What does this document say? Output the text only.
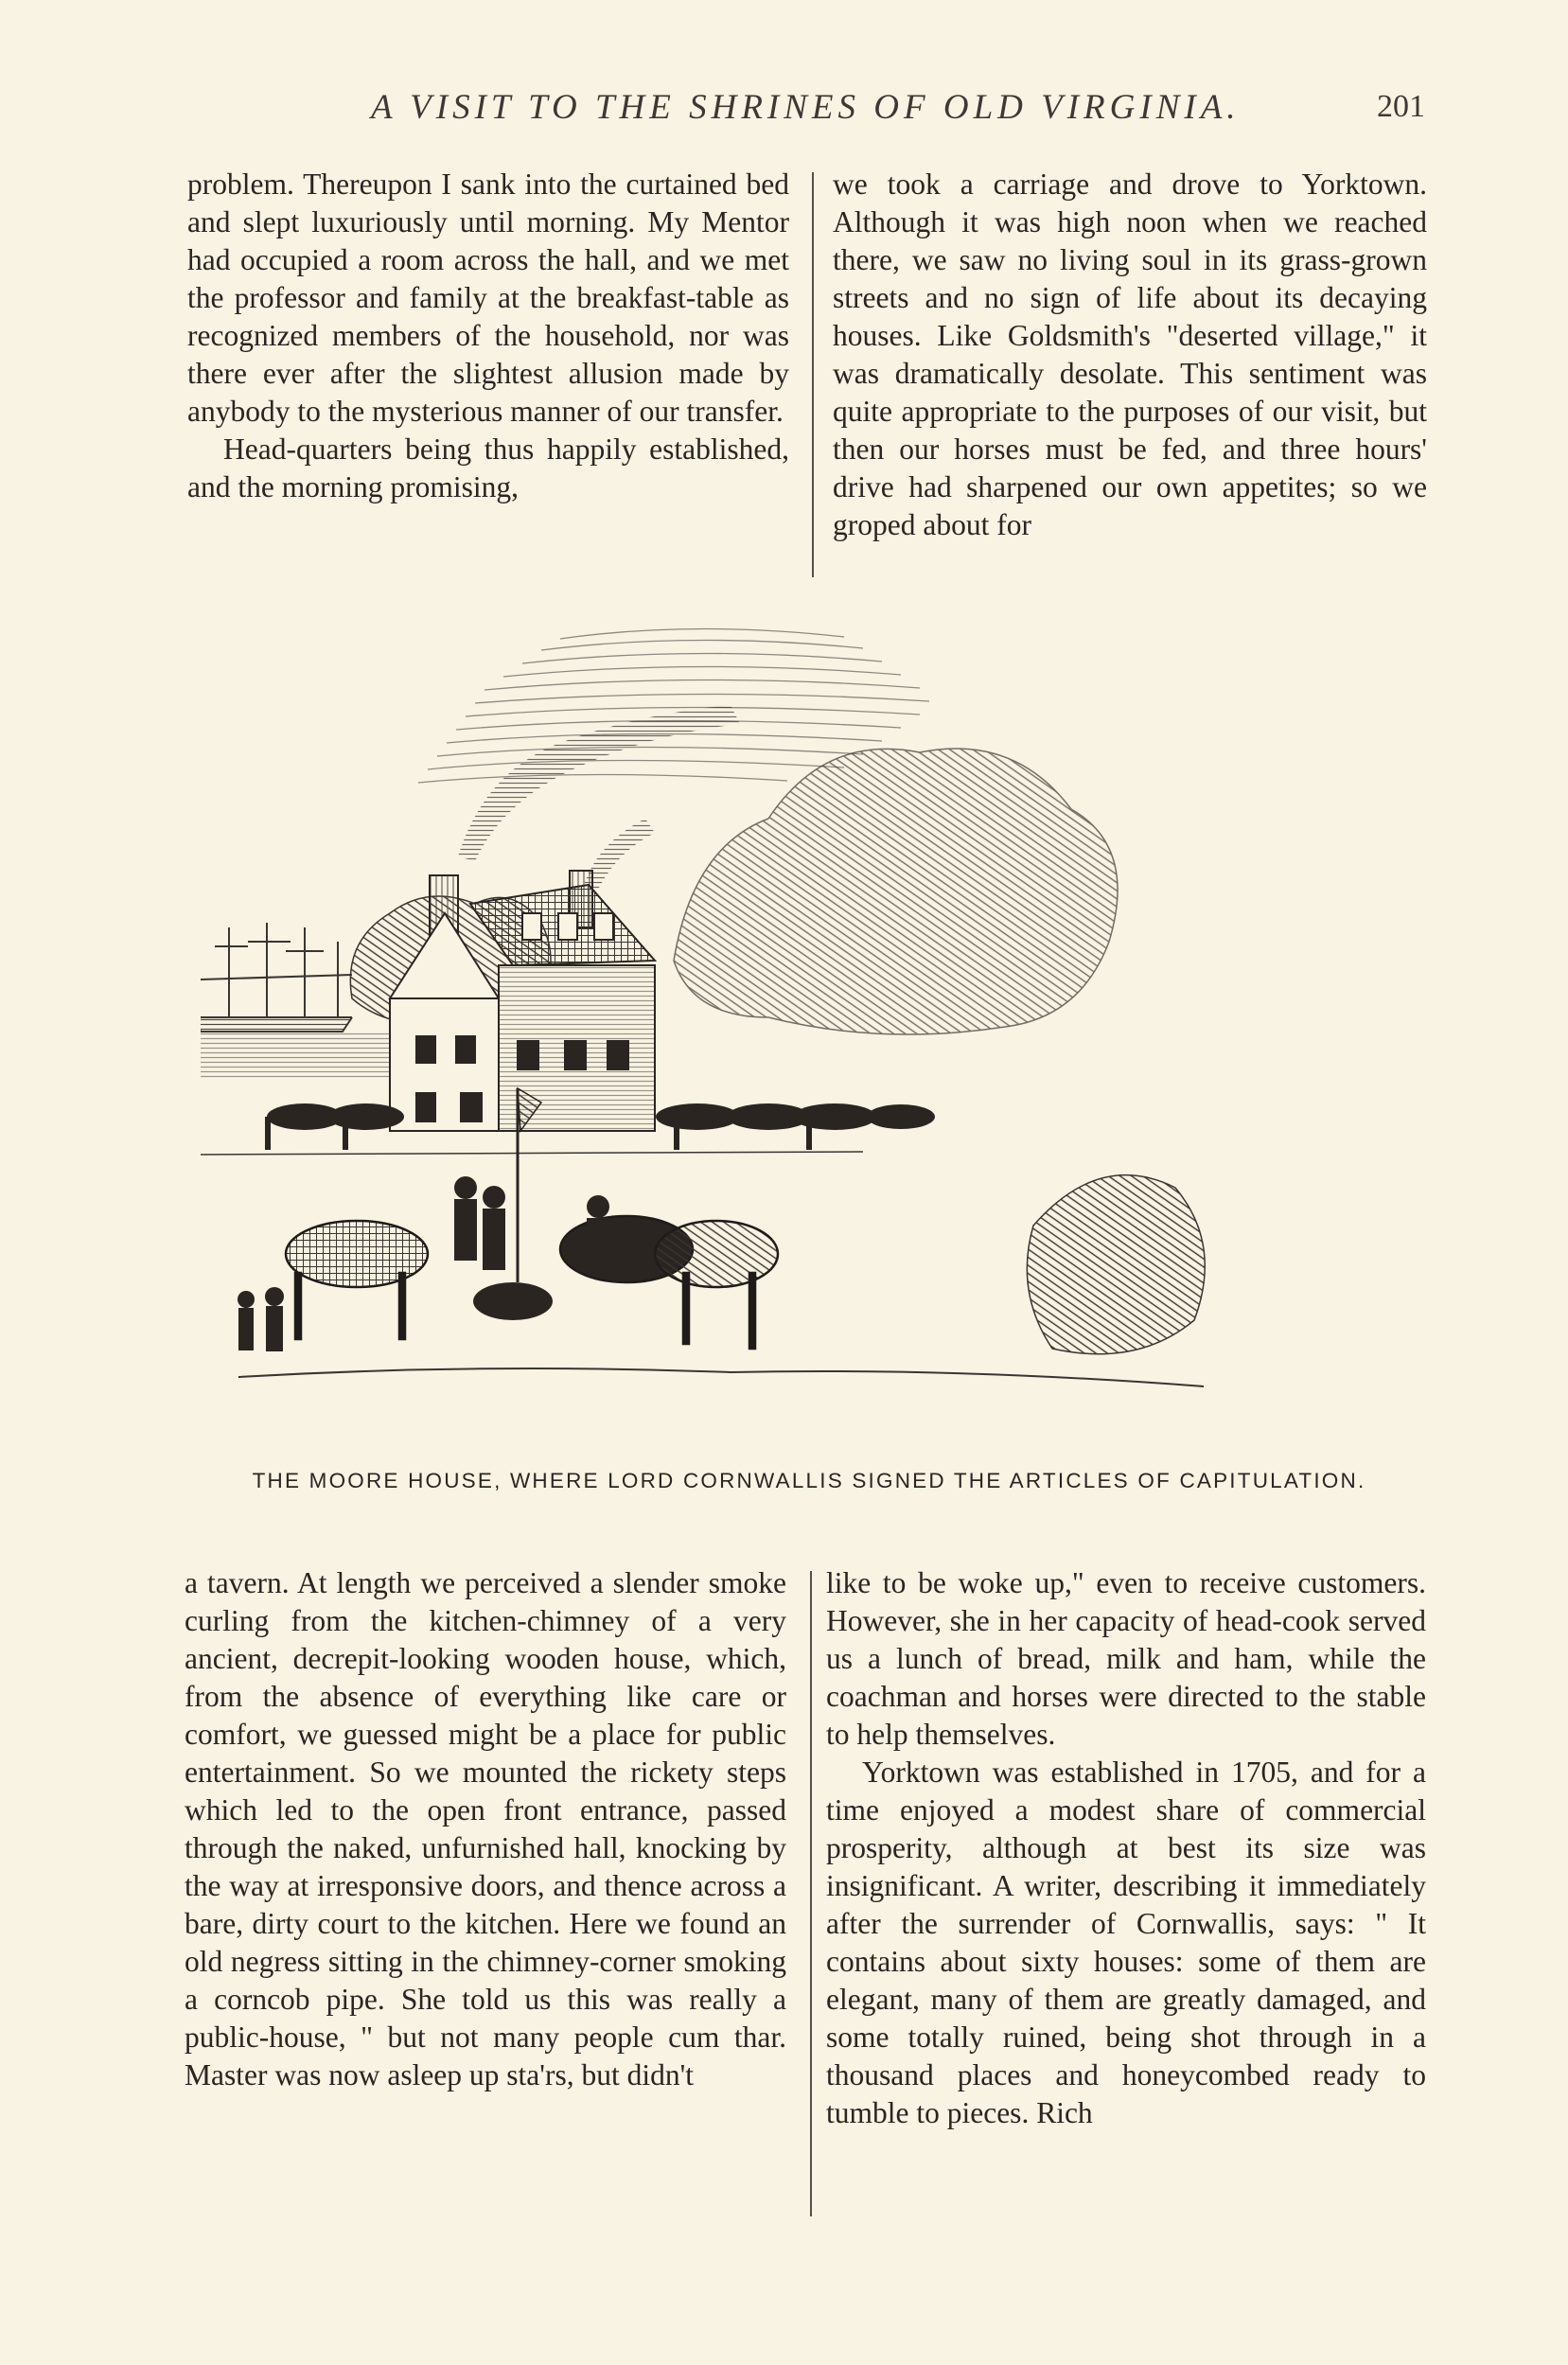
A VISIT TO THE SHRINES OF OLD VIRGINIA.	201

problem. Thereupon I sank into the curtained bed and slept luxuriously until morning. My Mentor had occupied a room across the hall, and we met the professor and family at the breakfast-table as recognized members of the household, nor was there ever after the slightest allusion made by anybody to the mysterious manner of our transfer.

Head-quarters being thus happily established, and the morning promising,

we took a carriage and drove to Yorktown. Although it was high noon when we reached there, we saw no living soul in its grass-grown streets and no sign of life about its decaying houses. Like Goldsmith's "deserted village," it was dramatically desolate. This sentiment was quite appropriate to the purposes of our visit, but then our horses must be fed, and three hours' drive had sharpened our own appetites; so we groped about for

THE MOORE HOUSE, WHERE LORD CORNWALLIS SIGNED THE ARTICLES OF CAPITULATION.

a tavern. At length we perceived a slender smoke curling from the kitchen-chimney of a very ancient, decrepit-looking wooden house, which, from the absence of everything like care or comfort, we guessed might be a place for public entertainment. So we mounted the rickety steps which led to the open front entrance, passed through the naked, unfurnished hall, knocking by the way at irresponsive doors, and thence across a bare, dirty court to the kitchen. Here we found an old negress sitting in the chimney-corner smoking a corncob pipe. She told us this was really a public-house, " but not many people cum thar. Master was now asleep up sta'rs, but didn't

like to be woke up," even to receive customers. However, she in her capacity of head-cook served us a lunch of bread, milk and ham, while the coachman and horses were directed to the stable to help themselves.

Yorktown was established in 1705, and for a time enjoyed a modest share of commercial prosperity, although at best its size was insignificant. A writer, describing it immediately after the surrender of Cornwallis, says: " It contains about sixty houses: some of them are elegant, many of them are greatly damaged, and some totally ruined, being shot through in a thousand places and honeycombed ready to tumble to pieces. Rich
